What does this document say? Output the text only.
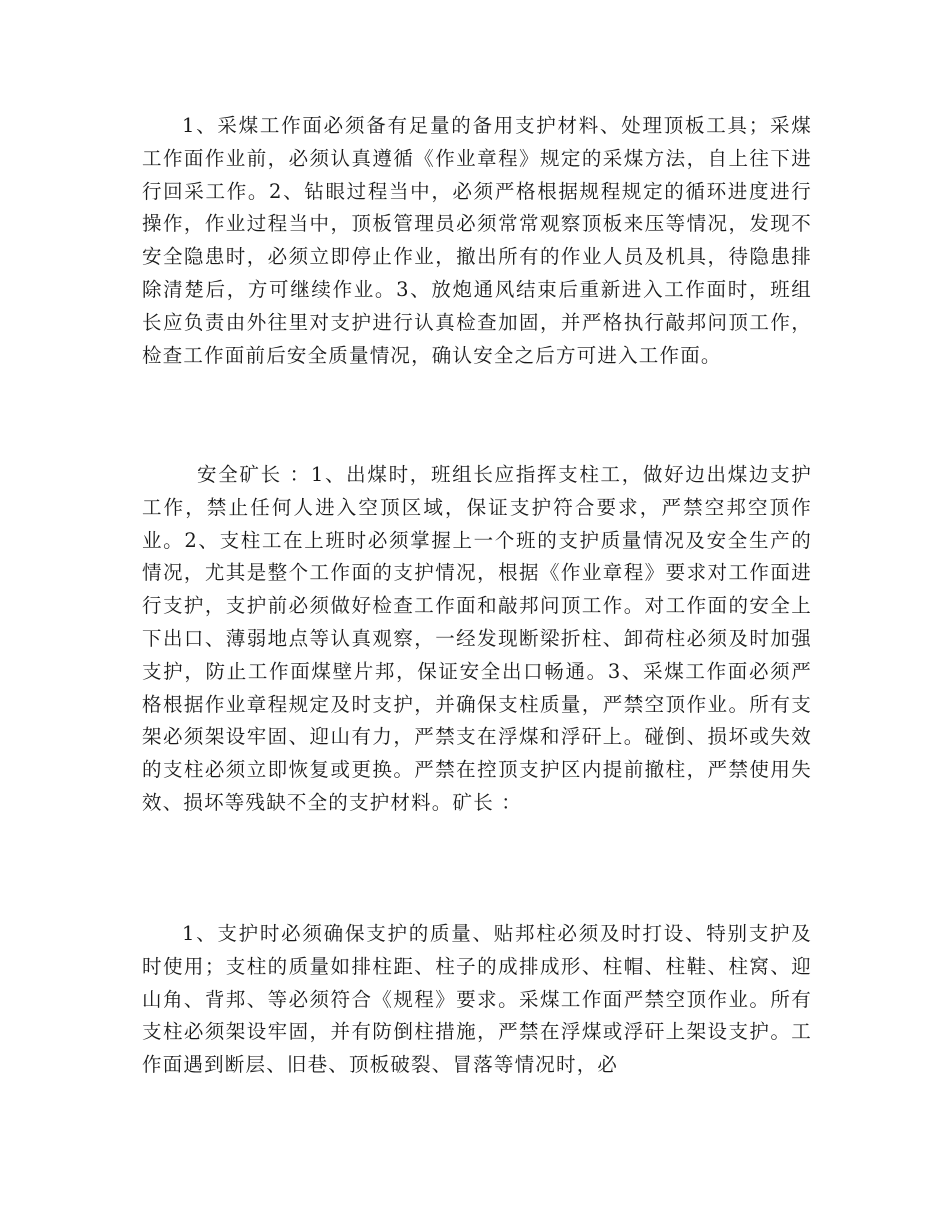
1、采煤工作面必须备有足量的备用支护材料、处理顶板工具；采煤工作面作业前，必须认真遵循《作业章程》规定的采煤方法，自上往下进行回采工作。2、钻眼过程当中，必须严格根据规程规定的循环进度进行操作，作业过程当中，顶板管理员必须常常观察顶板来压等情况，发现不安全隐患时，必须立即停止作业，撤出所有的作业人员及机具，待隐患排除清楚后，方可继续作业。3、放炮通风结束后重新进入工作面时，班组长应负责由外往里对支护进行认真检查加固，并严格执行敲邦问顶工作，检查工作面前后安全质量情况，确认安全之后方可进入工作面。

安全矿长 ：1、出煤时，班组长应指挥支柱工，做好边出煤边支护工作，禁止任何人进入空顶区域，保证支护符合要求，严禁空邦空顶作业。2、支柱工在上班时必须掌握上一个班的支护质量情况及安全生产的情况，尤其是整个工作面的支护情况，根据《作业章程》要求对工作面进行支护，支护前必须做好检查工作面和敲邦问顶工作。对工作面的安全上下出口、薄弱地点等认真观察，一经发现断梁折柱、卸荷柱必须及时加强支护，防止工作面煤壁片邦，保证安全出口畅通。3、采煤工作面必须严格根据作业章程规定及时支护，并确保支柱质量，严禁空顶作业。所有支架必须架设牢固、迎山有力，严禁支在浮煤和浮矸上。碰倒、损坏或失效的支柱必须立即恢复或更换。严禁在控顶支护区内提前撤柱，严禁使用失效、损坏等残缺不全的支护材料。矿长 ：

1、支护时必须确保支护的质量、贴邦柱必须及时打设、特别支护及时使用；支柱的质量如排柱距、柱子的成排成形、柱帽、柱鞋、柱窝、迎山角、背邦、等必须符合《规程》要求。采煤工作面严禁空顶作业。所有支柱必须架设牢固，并有防倒柱措施，严禁在浮煤或浮矸上架设支护。工作面遇到断层、旧巷、顶板破裂、冒落等情况时，必
